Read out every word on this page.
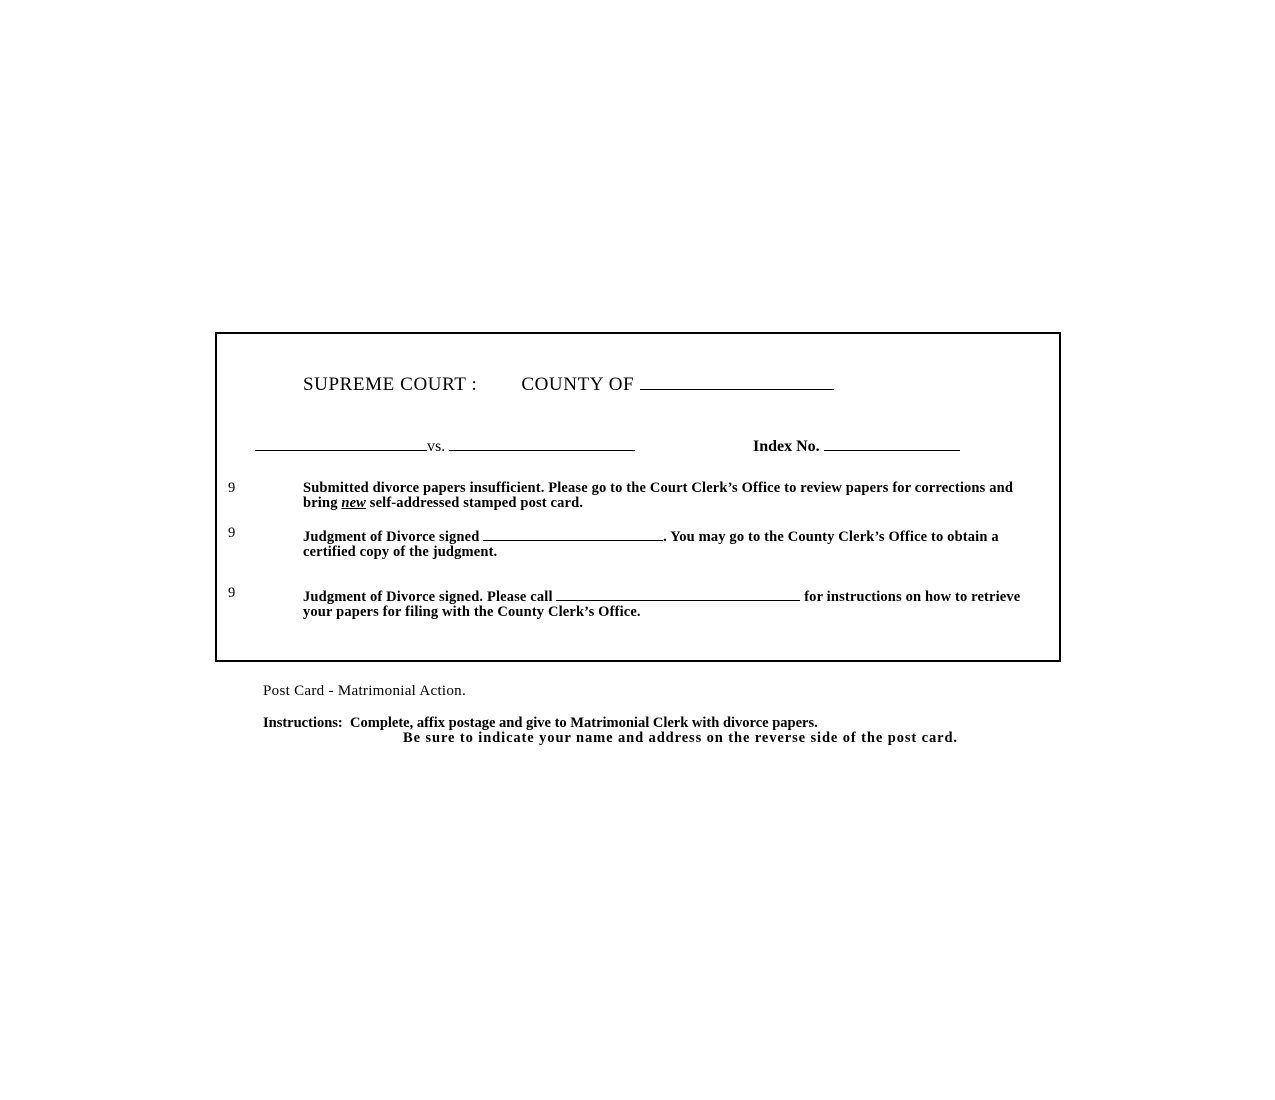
SUPREME COURT : COUNTY OF
vs.	Index No.
9	Submitted divorce papers insufficient. Please go to the Court Clerk’s Office to review papers for corrections and bring new self-addressed stamped post card.
9	Judgment of Divorce signed	. You may go to the County Clerk’s Office to obtain a certified copy of the judgment.
9	Judgment of Divorce signed. Please call	for instructions on how to retrieve your papers for filing with the County Clerk’s Office.
Post Card - Matrimonial Action.
Instructions: Complete, affix postage and give to Matrimonial Clerk with divorce papers.
Be sure to indicate your name and address on the reverse side of the post card.
